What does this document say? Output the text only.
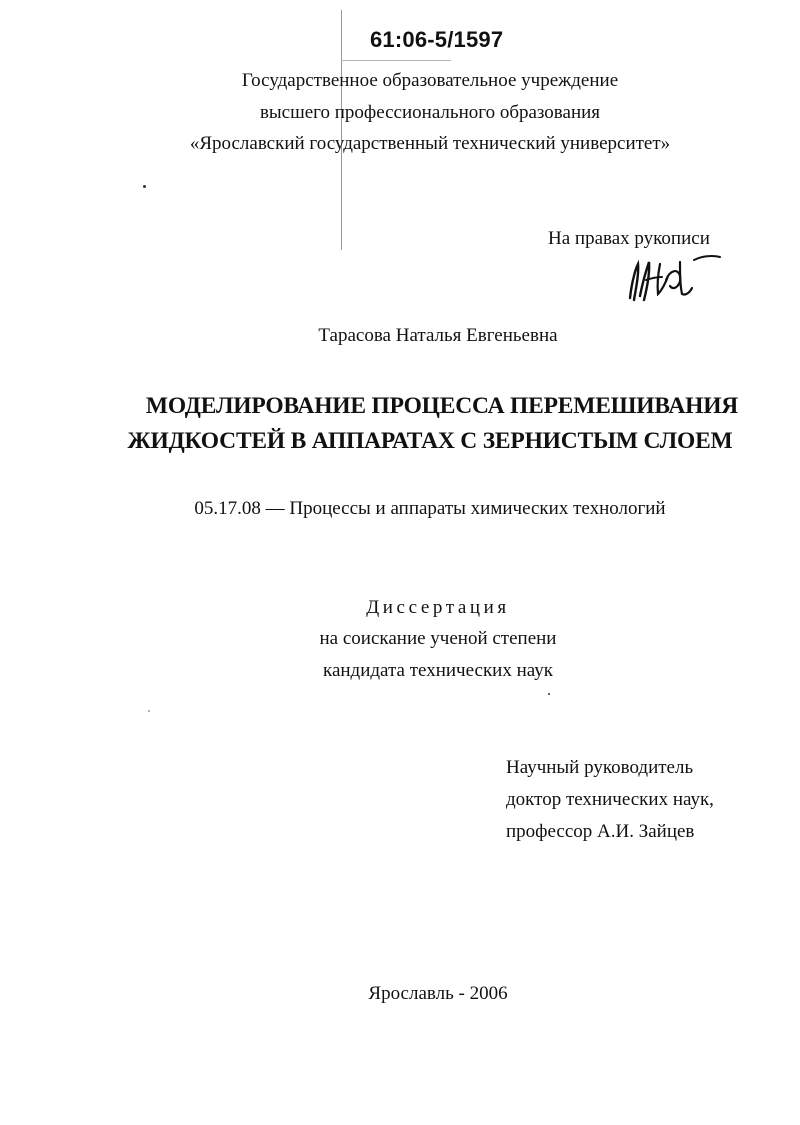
61:06-5/1597
Государственное образовательное учреждение
высшего профессионального образования
«Ярославский государственный технический университет»
На правах рукописи
Тарасова Наталья Евгеньевна
МОДЕЛИРОВАНИЕ ПРОЦЕССА ПЕРЕМЕШИВАНИЯ
ЖИДКОСТЕЙ В АППАРАТАХ С ЗЕРНИСТЫМ СЛОЕМ
05.17.08 — Процессы и аппараты химических технологий
Диссертация
на соискание ученой степени
кандидата технических наук
Научный руководитель
доктор технических наук,
профессор А.И. Зайцев
Ярославль - 2006
